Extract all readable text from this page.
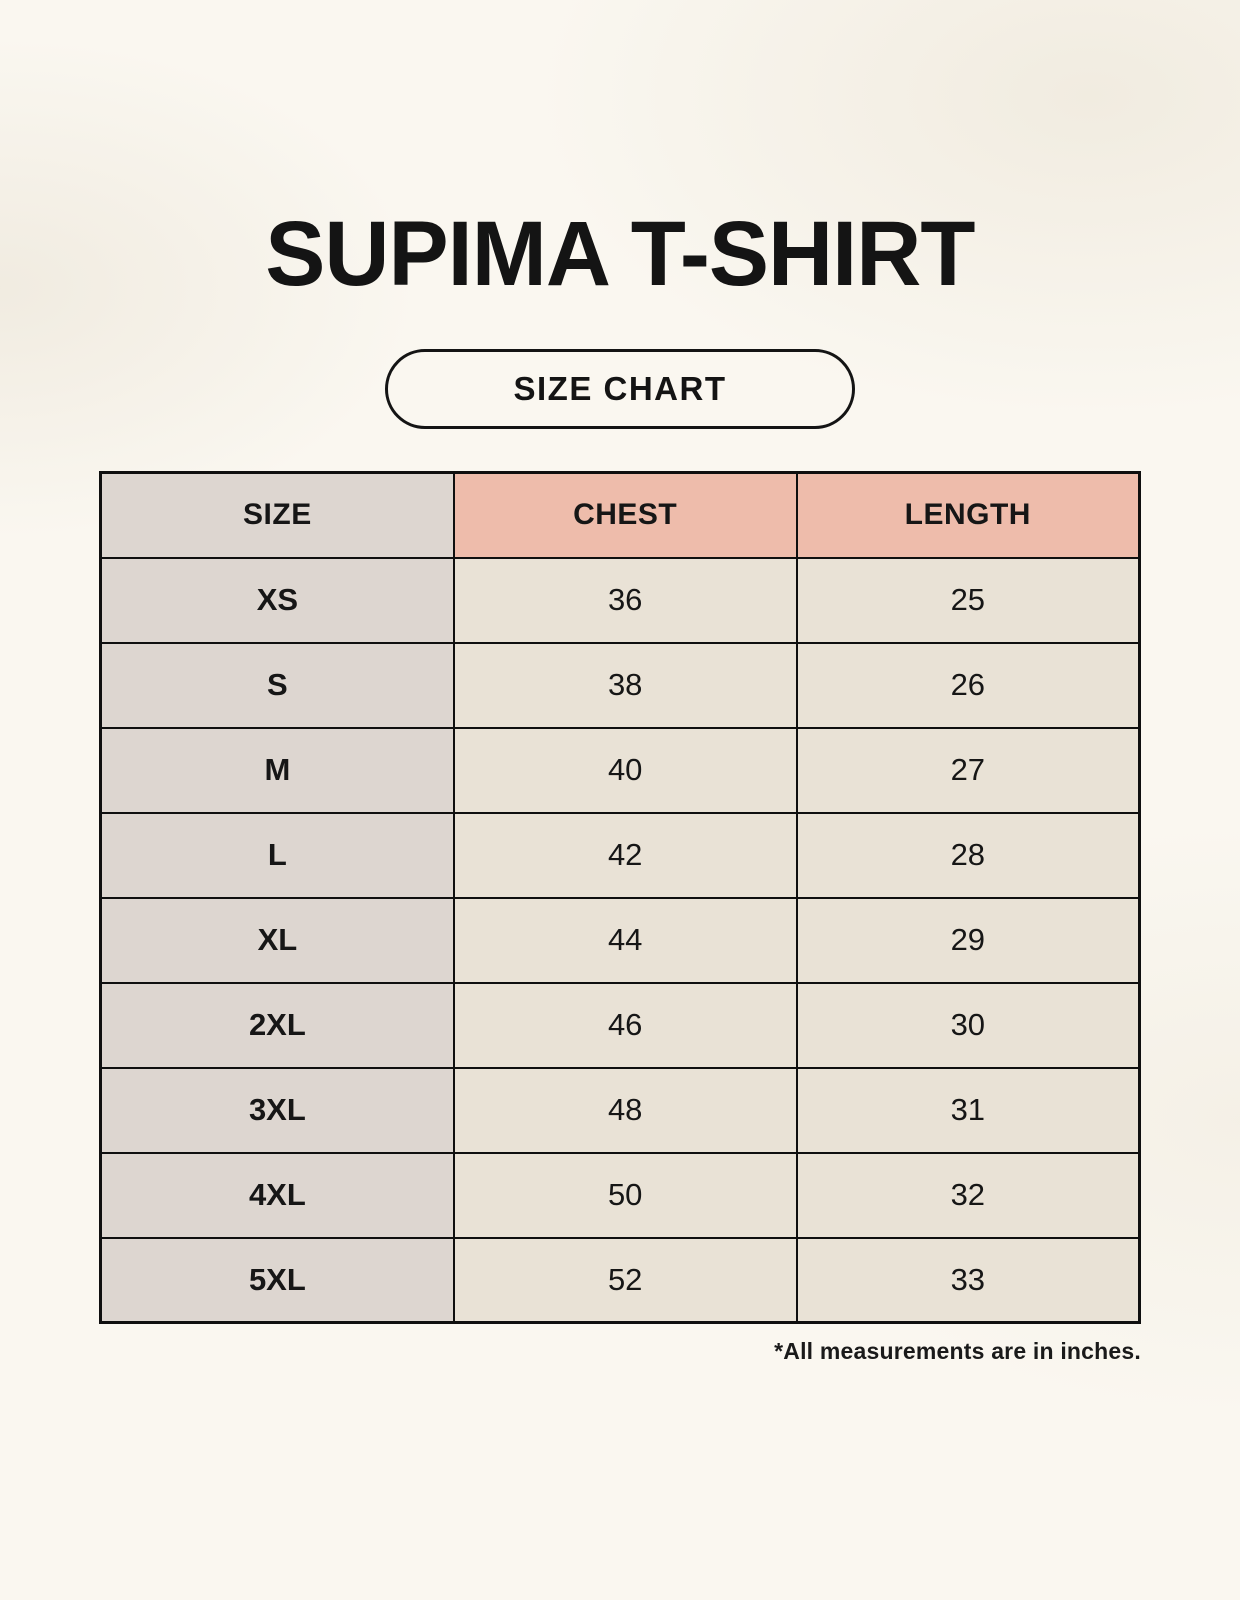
SUPIMA T-SHIRT
SIZE CHART
SIZE	CHEST	LENGTH
XS	36	25
S	38	26
M	40	27
L	42	28
XL	44	29
2XL	46	30
3XL	48	31
4XL	50	32
5XL	52	33
*All measurements are in inches.
